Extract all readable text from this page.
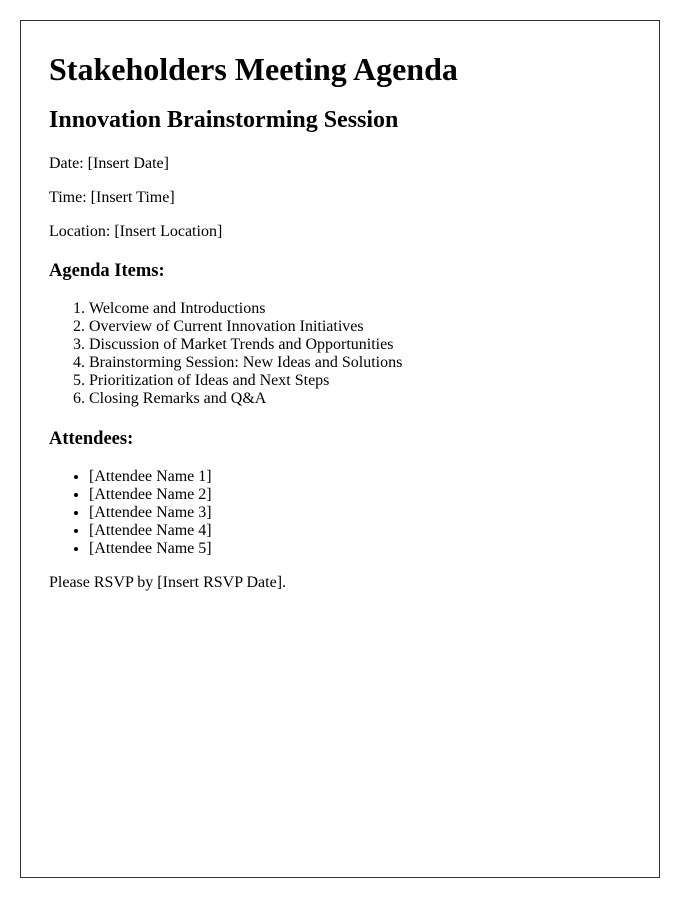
Stakeholders Meeting Agenda
Innovation Brainstorming Session
Date: [Insert Date]
Time: [Insert Time]
Location: [Insert Location]
Agenda Items:
1. Welcome and Introductions
2. Overview of Current Innovation Initiatives
3. Discussion of Market Trends and Opportunities
4. Brainstorming Session: New Ideas and Solutions
5. Prioritization of Ideas and Next Steps
6. Closing Remarks and Q&A
Attendees:
• [Attendee Name 1]
• [Attendee Name 2]
• [Attendee Name 3]
• [Attendee Name 4]
• [Attendee Name 5]
Please RSVP by [Insert RSVP Date].
